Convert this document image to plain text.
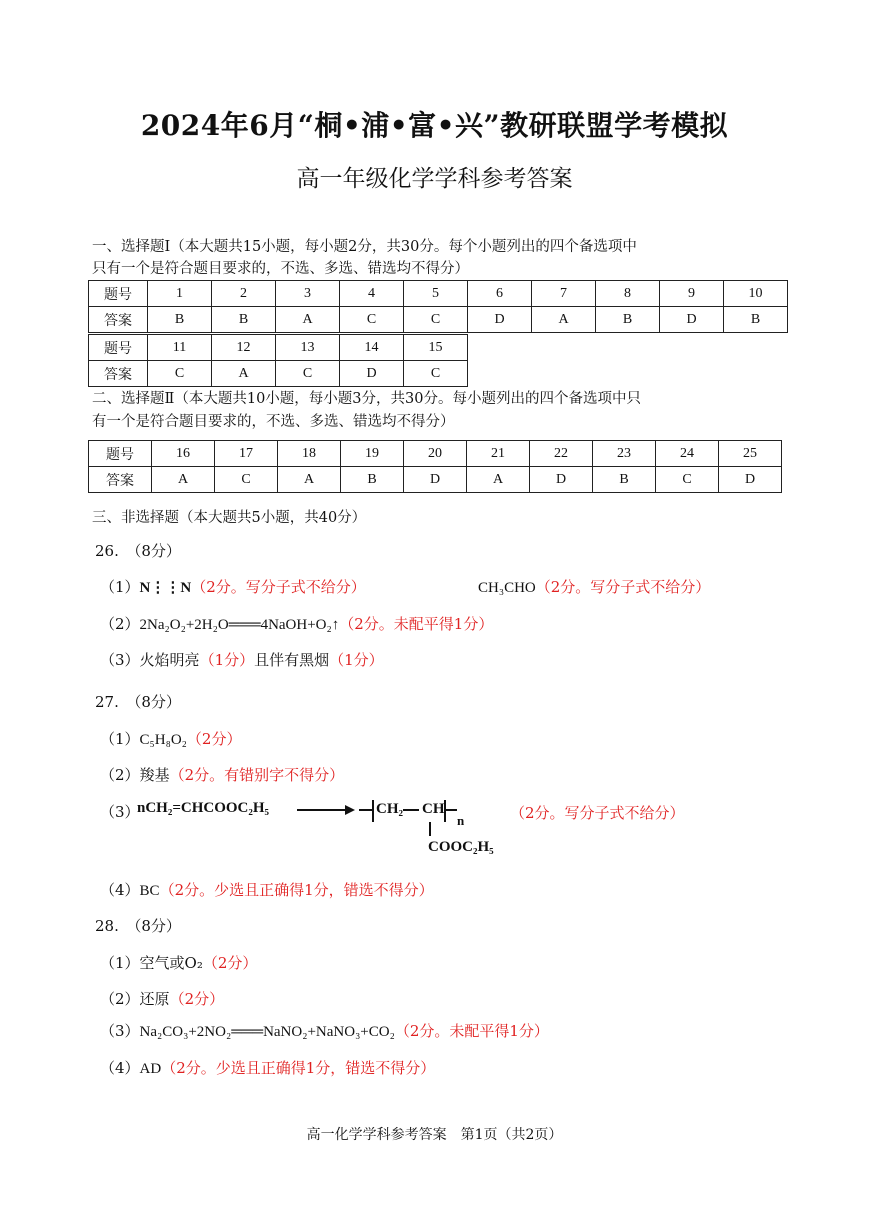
2024年6月“桐•浦•富•兴”教研联盟学考模拟
高一年级化学学科参考答案
一、选择题Ⅰ（本大题共15小题，每小题2分，共30分。每个小题列出的四个备选项中
只有一个是符合题目要求的，不选、多选、错选均不得分）
题号	1	2	3	4	5	6	7	8	9	10
答案	B	B	A	C	C	D	A	B	D	B
题号	11	12	13	14	15
答案	C	A	C	D	C
二、选择题Ⅱ（本大题共10小题，每小题3分，共30分。每小题列出的四个备选项中只
有一个是符合题目要求的，不选、多选、错选均不得分）
题号	16	17	18	19	20	21	22	23	24	25
答案	A	C	A	B	D	A	D	B	C	D
三、非选择题（本大题共5小题，共40分）
26.　（8分）
（1）N⋮⋮N（2分。写分子式不给分）	CH₃CHO（2分。写分子式不给分）
（2）2Na₂O₂+2H₂O═══4NaOH+O₂↑（2分。未配平得1分）
（3）火焰明亮（1分）且伴有黑烟（1分）
27.　（8分）
（1）C₅H₈O₂（2分）
（2）羧基（2分。有错别字不得分）
（3）
nCH₂=CHCOOC₂H₅	CH₂ CH
n
COOC₂H₅
（2分。写分子式不给分）
（4）BC（2分。少选且正确得1分，错选不得分）
28.　（8分）
（1）空气或O₂（2分）
（2）还原（2分）
（3）Na₂CO₃+2NO₂═══NaNO₂+NaNO₃+CO₂（2分。未配平得1分）
（4）AD（2分。少选且正确得1分，错选不得分）
高一化学学科参考答案　第1页（共2页）
